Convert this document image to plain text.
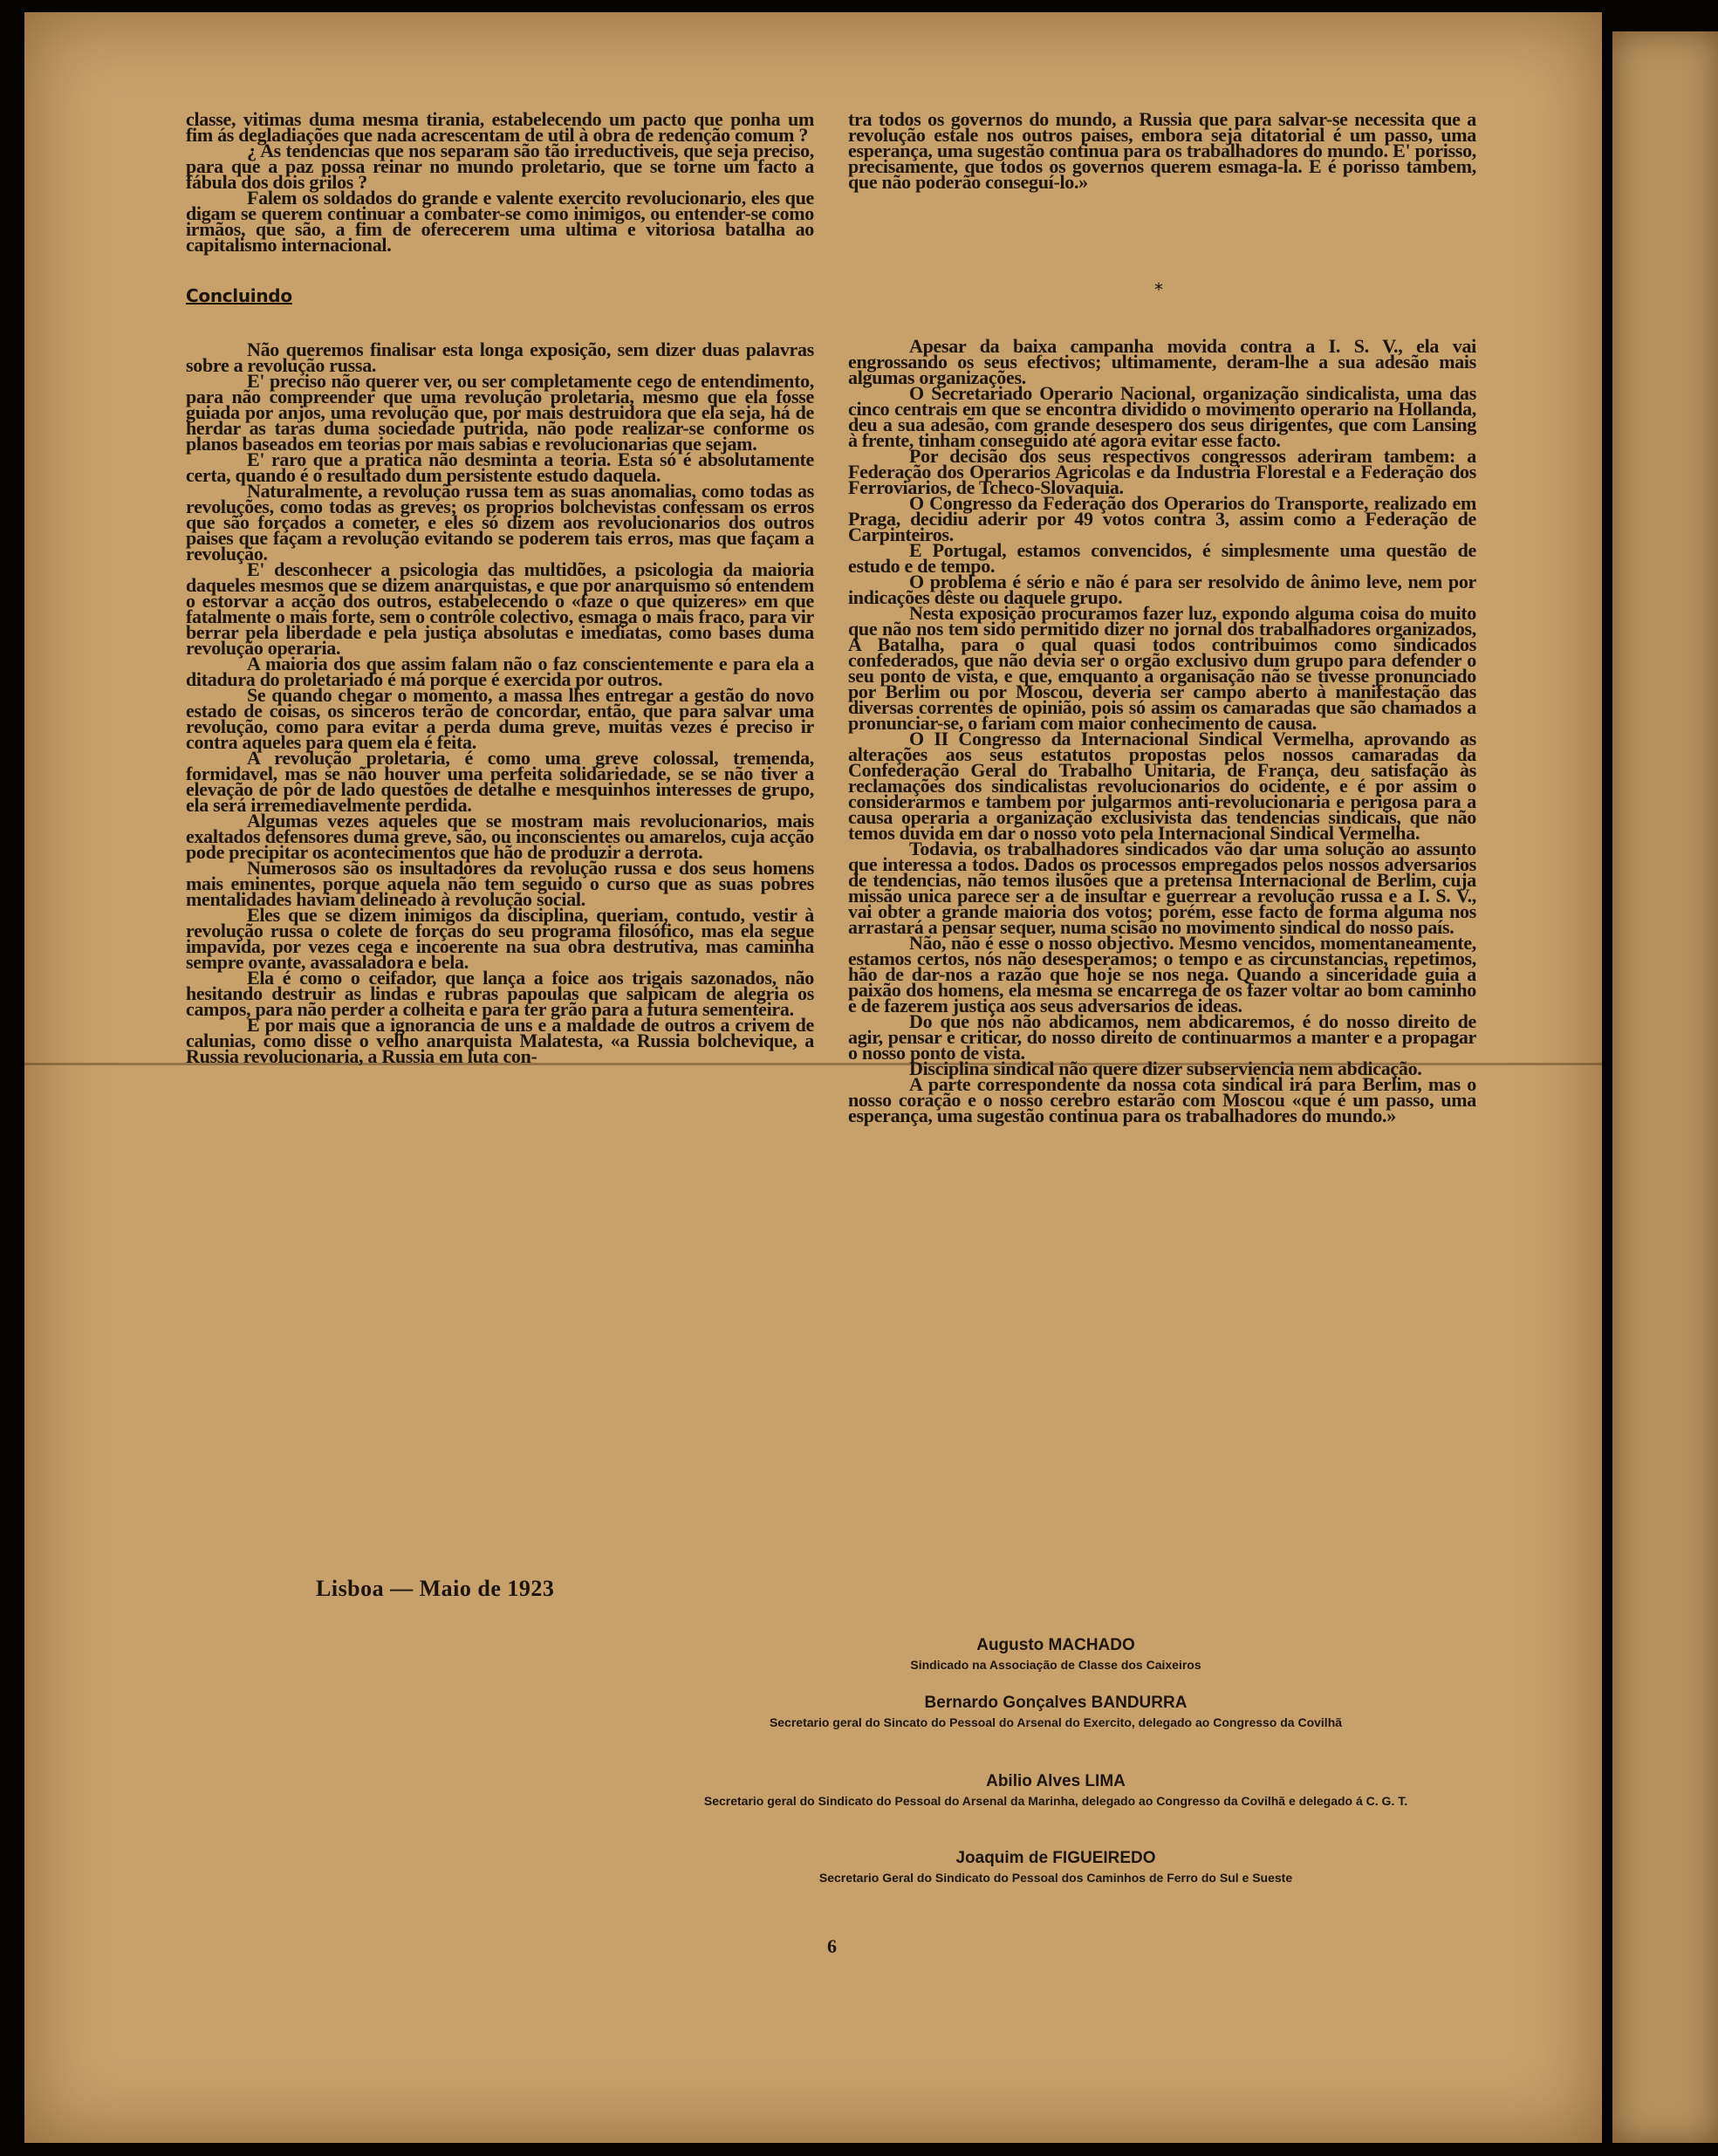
classe, vitimas duma mesma tirania, estabelecendo um pacto que ponha um fim ás degladiações que nada acrescentam de util à obra de redenção comum ?

¿ As tendencias que nos separam são tão irreductiveis, que seja preciso, para que a paz possa reinar no mundo proletario, que se torne um facto a fábula dos dois grilos ?

Falem os soldados do grande e valente exercito revolucionario, eles que digam se querem continuar a combater-se como inimigos, ou entender-se como irmãos, que são, a fim de oferecerem uma ultima e vitoriosa batalha ao capitalismo internacional.

Concluindo

Não queremos finalisar esta longa exposição, sem dizer duas palavras sobre a revolução russa.

E' preciso não querer ver, ou ser completamente cego de entendimento, para não compreender que uma revolução proletaria, mesmo que ela fosse guiada por anjos, uma revolução que, por mais destruidora que ela seja, há de herdar as taras duma sociedade putrida, não pode realizar-se conforme os planos baseados em teorias por mais sabias e revolucionarias que sejam.

E' raro que a pratica não desminta a teoria. Esta só é absolutamente certa, quando é o resultado dum persistente estudo daquela.

Naturalmente, a revolução russa tem as suas anomalias, como todas as revoluções, como todas as greves; os proprios bolchevistas confessam os erros que são forçados a cometer, e eles só dizem aos revolucionarios dos outros paises que façam a revolução evitando se poderem tais erros, mas que façam a revolução.

E' desconhecer a psicologia das multidões, a psicologia da maioria daqueles mesmos que se dizem anarquistas, e que por anarquismo só entendem o estorvar a acção dos outros, estabelecendo o «faze o que quizeres» em que fatalmente o mais forte, sem o contrôle colectivo, esmaga o mais fraco, para vir berrar pela liberdade e pela justiça absolutas e imediatas, como bases duma revolução operaria.

A maioria dos que assim falam não o faz conscientemente e para ela a ditadura do proletariado é má porque é exercida por outros.

Se quando chegar o momento, a massa lhes entregar a gestão do novo estado de coisas, os sinceros terão de concordar, então, que para salvar uma revolução, como para evitar a perda duma greve, muitas vezes é preciso ir contra aqueles para quem ela é feita.

A revolução proletaria, é como uma greve colossal, tremenda, formidavel, mas se não houver uma perfeita solidariedade, se se não tiver a elevação de pôr de lado questões de detalhe e mesquinhos interesses de grupo, ela será irremediavelmente perdida.

Algumas vezes aqueles que se mostram mais revolucionarios, mais exaltados defensores duma greve, são, ou inconscientes ou amarelos, cuja acção pode precipitar os acontecimentos que hão de produzir a derrota.

Numerosos são os insultadores da revolução russa e dos seus homens mais eminentes, porque aquela não tem seguido o curso que as suas pobres mentalidades haviam delineado à revolução social.

Eles que se dizem inimigos da disciplina, queriam, contudo, vestir à revolução russa o colete de forças do seu programa filosófico, mas ela segue impavida, por vezes cega e incoerente na sua obra destrutiva, mas caminha sempre ovante, avassaladora e bela.

Ela é como o ceifador, que lança a foice aos trigais sazonados, não hesitando destruir as lindas e rubras papoulas que salpicam de alegria os campos, para não perder a colheita e para ter grão para a futura sementeira.

E por mais que a ignorancia de uns e a maldade de outros a crivem de calunias, como disse o velho anarquista Malatesta, «a Russia bolchevique, a Russia revolucionaria, a Russia em luta con-

tra todos os governos do mundo, a Russia que para salvar-se necessita que a revolução estale nos outros paises, embora seja ditatorial é um passo, uma esperança, uma sugestão continua para os trabalhadores do mundo. E' porisso, precisamente, que todos os governos querem esmaga-la. E é porisso tambem, que não poderão conseguí-lo.»

*

Apesar da baixa campanha movida contra a I. S. V., ela vai engrossando os seus efectivos; ultimamente, deram-lhe a sua adesão mais algumas organizações.

O Secretariado Operario Nacional, organização sindicalista, uma das cinco centrais em que se encontra dividido o movimento operario na Hollanda, deu a sua adesão, com grande desespero dos seus dirigentes, que com Lansing à frente, tinham conseguido até agora evitar esse facto.

Por decisão dos seus respectivos congressos aderiram tambem: a Federação dos Operarios Agricolas e da Industria Florestal e a Federação dos Ferroviarios, de Tcheco-Slovaquia.

O Congresso da Federação dos Operarios do Transporte, realizado em Praga, decidiu aderir por 49 votos contra 3, assim como a Federação de Carpinteiros.

E Portugal, estamos convencidos, é simplesmente uma questão de estudo e de tempo.

O problema é sério e não é para ser resolvido de ânimo leve, nem por indicações dêste ou daquele grupo.

Nesta exposição procuramos fazer luz, expondo alguma coisa do muito que não nos tem sido permitido dizer no jornal dos trabalhadores organizados, A Batalha, para o qual quasi todos contribuimos como sindicados confederados, que não devia ser o orgão exclusivo dum grupo para defender o seu ponto de vista, e que, emquanto a organisação não se tivesse pronunciado por Berlim ou por Moscou, deveria ser campo aberto à manifestação das diversas correntes de opinião, pois só assim os camaradas que são chamados a pronunciar-se, o fariam com maior conhecimento de causa.

O II Congresso da Internacional Sindical Vermelha, aprovando as alterações aos seus estatutos propostas pelos nossos camaradas da Confederação Geral do Trabalho Unitaria, de França, deu satisfação às reclamações dos sindicalistas revolucionarios do ocidente, e é por assim o considerarmos e tambem por julgarmos anti-revolucionaria e perigosa para a causa operaria a organização exclusivista das tendencias sindicais, que não temos duvida em dar o nosso voto pela Internacional Sindical Vermelha.

Todavia, os trabalhadores sindicados vão dar uma solução ao assunto que interessa a todos. Dados os processos empregados pelos nossos adversarios de tendencias, não temos ilusões que a pretensa Internacional de Berlim, cuja missão unica parece ser a de insultar e guerrear a revolução russa e a I. S. V., vai obter a grande maioria dos votos; porém, esse facto de forma alguma nos arrastará a pensar sequer, numa scisão no movimento sindical do nosso país.

Não, não é esse o nosso objectivo. Mesmo vencidos, momentaneamente, estamos certos, nós não desesperamos; o tempo e as circunstancias, repetimos, hão de dar-nos a razão que hoje se nos nega. Quando a sinceridade guia a paixão dos homens, ela mesma se encarrega de os fazer voltar ao bom caminho e de fazerem justiça aos seus adversarios de ideas.

Do que nós não abdicamos, nem abdicaremos, é do nosso direito de agir, pensar e criticar, do nosso direito de continuarmos a manter e a propagar o nosso ponto de vista.

Disciplina sindical não quere dizer subserviencia nem abdicação.

A parte correspondente da nossa cota sindical irá para Berlim, mas o nosso coração e o nosso cerebro estarão com Moscou «que é um passo, uma esperança, uma sugestão continua para os trabalhadores do mundo.»

Lisboa — Maio de 1923
Augusto MACHADO
Sindicado na Associação de Classe dos Caixeiros
Bernardo Gonçalves BANDURRA
Secretario geral do Sincato do Pessoal do Arsenal do Exercito, delegado ao Congresso da Covilhã
Abilio Alves LIMA
Secretario geral do Sindicato do Pessoal do Arsenal da Marinha, delegado ao Congresso da Covilhã e delegado á C. G. T.
Joaquim de FIGUEIREDO
Secretario Geral do Sindicato do Pessoal dos Caminhos de Ferro do Sul e Sueste
6
